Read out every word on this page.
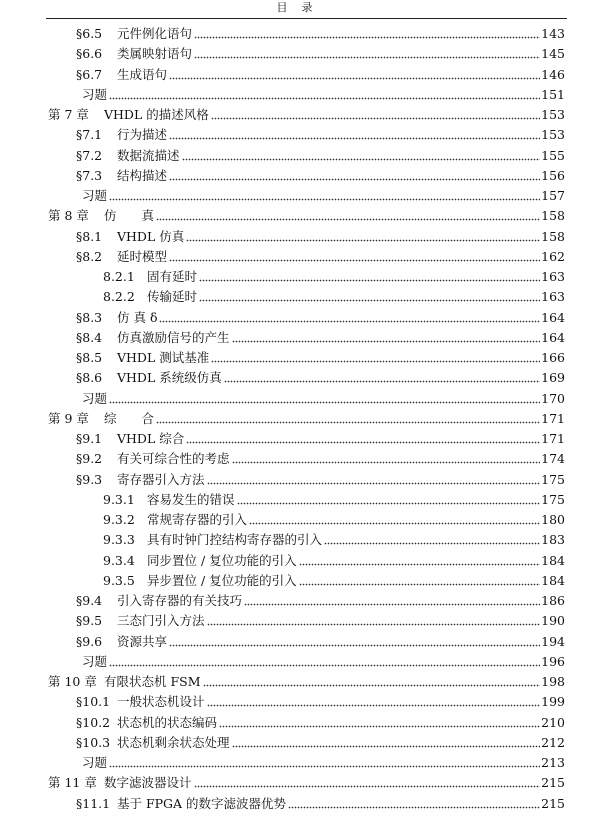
目录
§6.5	元件例化语句	143
§6.6	类属映射语句	145
§6.7	生成语句	146
习题	151
第 7 章	VHDL 的描述风格	153
§7.1	行为描述	153
§7.2	数据流描述	155
§7.3	结构描述	156
习题	157
第 8 章	仿　　真	158
§8.1	VHDL 仿真	158
§8.2	延时模型	162
8.2.1 固有延时	163
8.2.2 传输延时	163
§8.3	仿 真 δ	164
§8.4	仿真激励信号的产生	164
§8.5	VHDL 测试基准	166
§8.6	VHDL 系统级仿真	169
习题	170
第 9 章	综　　合	171
§9.1	VHDL 综合	171
§9.2	有关可综合性的考虑	174
§9.3	寄存器引入方法	175
9.3.1 容易发生的错误	175
9.3.2 常规寄存器的引入	180
9.3.3 具有时钟门控结构寄存器的引入	183
9.3.4 同步置位 / 复位功能的引入	184
9.3.5 异步置位 / 复位功能的引入	184
§9.4	引入寄存器的有关技巧	186
§9.5	三态门引入方法	190
§9.6	资源共享	194
习题	196
第 10 章 有限状态机 FSM	198
§10.1 一般状态机设计	199
§10.2 状态机的状态编码	210
§10.3 状态机剩余状态处理	212
习题	213
第 11 章 数字滤波器设计	215
§11.1 基于 FPGA 的数字滤波器优势	215
